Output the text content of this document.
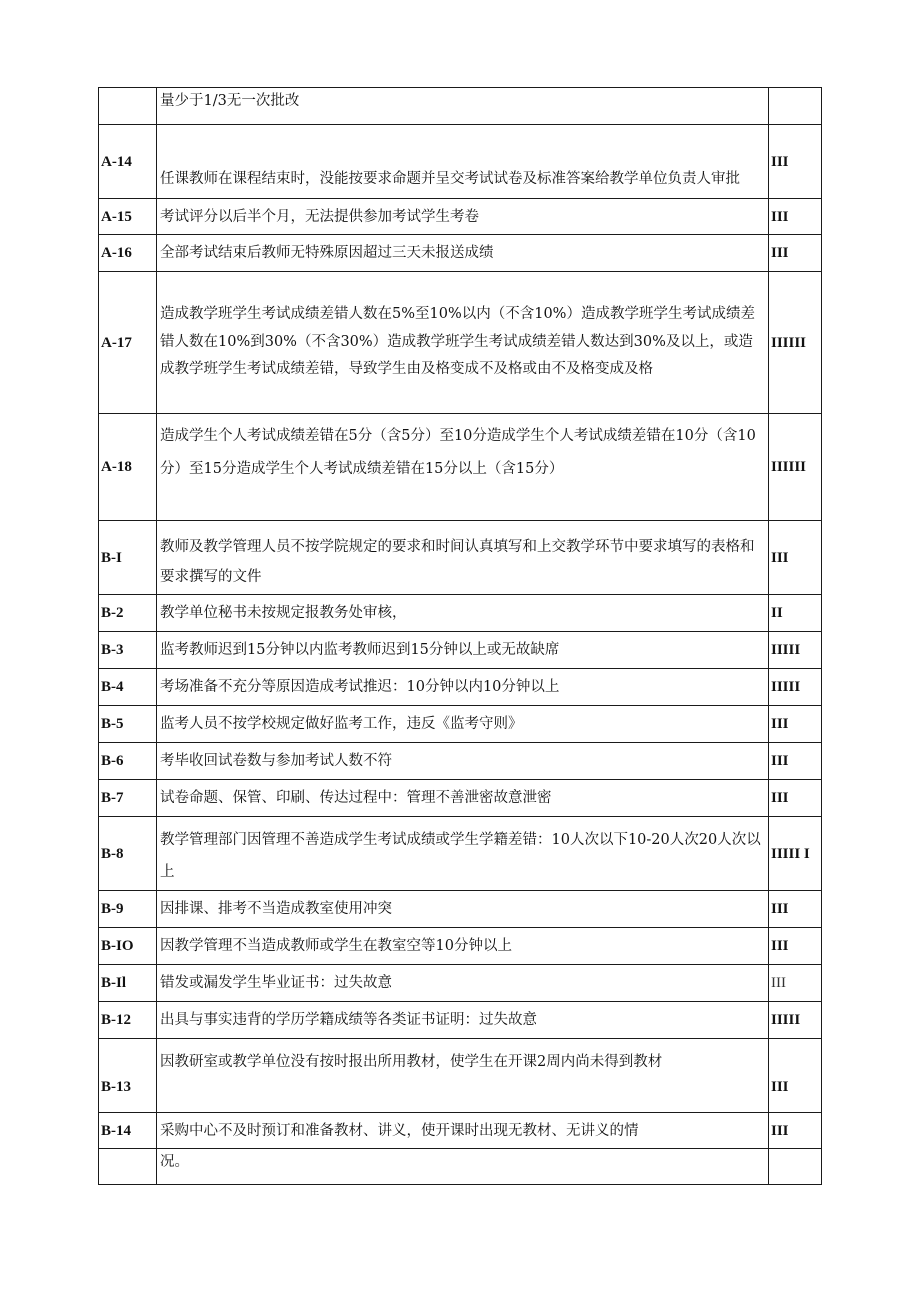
	量少于1/3无一次批改	

A-14	任课教师在课程结束时，没能按要求命题并呈交考试试卷及标准答案给教学单位负责人审批	III
A-15	考试评分以后半个月，无法提供参加考试学生考卷	III
A-16	全部考试结束后教师无特殊原因超过三天未报送成绩	III
A-17	造成教学班学生考试成绩差错人数在5%至10%以内（不含10%）造成教学班学生考试成绩差错人数在10%到30%（不含30%）造成教学班学生考试成绩差错人数达到30%及以上，或造成教学班学生考试成绩差错，导致学生由及格变成不及格或由不及格变成及格	IIIIII
A-18	造成学生个人考试成绩差错在5分（含5分）至10分造成学生个人考试成绩差错在10分（含10分）至15分造成学生个人考试成绩差错在15分以上（含15分）	IIIIII
B-I	教师及教学管理人员不按学院规定的要求和时间认真填写和上交教学环节中要求填写的表格和要求撰写的文件	III
B-2	教学单位秘书未按规定报教务处审核，	II
B-3	监考教师迟到15分钟以内监考教师迟到15分钟以上或无故缺席	IIIII
B-4	考场准备不充分等原因造成考试推迟：10分钟以内10分钟以上	IIIII
B-5	监考人员不按学校规定做好监考工作，违反《监考守则》	III
B-6	考毕收回试卷数与参加考试人数不符	III
B-7	试卷命题、保管、印刷、传达过程中：管理不善泄密故意泄密	III
B-8	教学管理部门因管理不善造成学生考试成绩或学生学籍差错：10人次以下10-20人次20人次以上	IIIII I
B-9	因排课、排考不当造成教室使用冲突	III
B-IO	因教学管理不当造成教师或学生在教室空等10分钟以上	III
B-Il	错发或漏发学生毕业证书：过失故意	III
B-12	出具与事实违背的学历学籍成绩等各类证书证明：过失故意	IIIII
B-13	因教研室或教学单位没有按时报出所用教材，使学生在开课2周内尚未得到教材	III
B-14	采购中心不及时预订和准备教材、讲义，使开课时出现无教材、无讲义的情	III

	况。	
